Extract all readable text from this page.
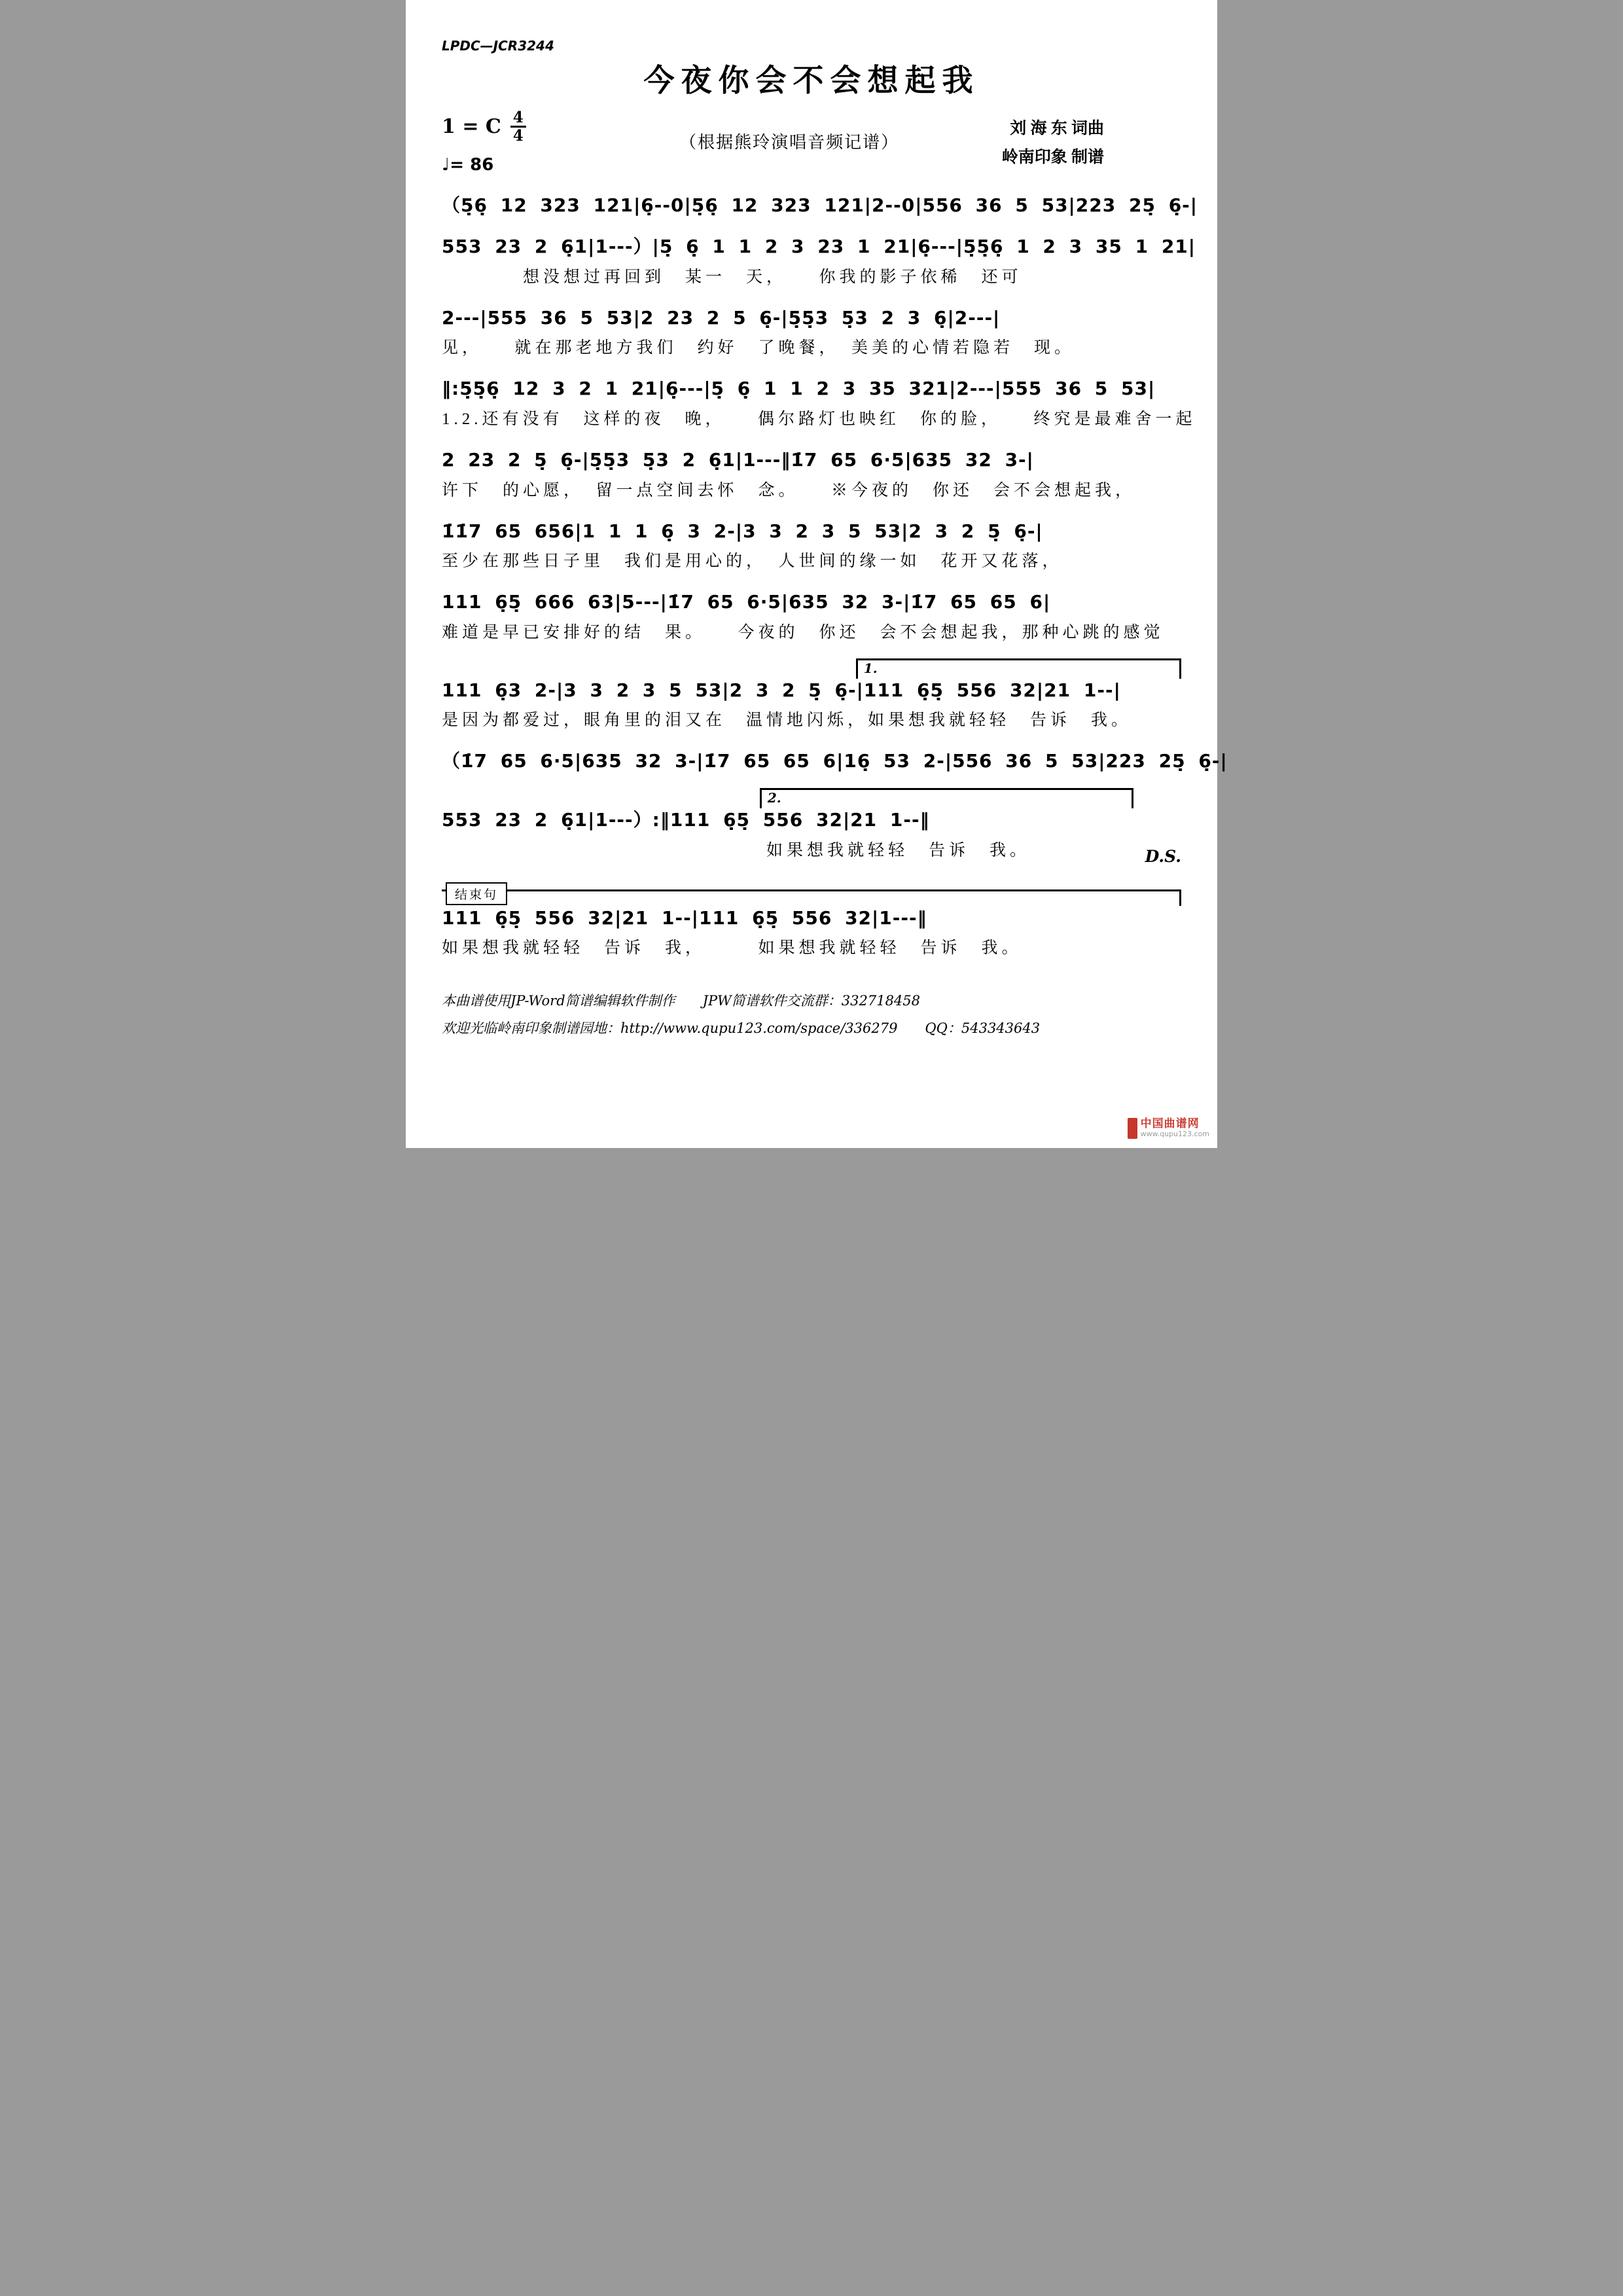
LPDC—JCR3244
今夜你会不会想起我
1 = C $\frac{4}{4}$
♩= 86
（根据熊玲演唱音频记谱）
刘 海 东 词曲
岭南印象 制谱
（5̣6̣ 12 323 121|6̣--0|5̣6̣ 12 323 121|2--0|556 36 5 53|223 25̣ 6̣-|
553 23 2 6̣1|1---）|5̣ 6̣ 1 1 2 3 23 1 21|6̣---|5̣5̣6̣ 1 2 3 35 1 21|
　　　　想没想过再回到　某一　天，　　你我的影子依稀　还可
2---|555 36 5 53|2 23 2 5 6̣-|5̣5̣3 5̣3 2 3 6̣|2---|
见，　　就在那老地方我们　约好　了晚餐，　美美的心情若隐若　现。
‖:5̣5̣6̣ 12 3 2 1 21|6̣---|5̣ 6̣ 1 1 2 3 35 321|2---|555 36 5 53|
1.2.还有没有　这样的夜　晚，　　偶尔路灯也映红　你的脸，　　终究是最难舍一起
2 23 2 5̣ 6̣-|5̣5̣3 5̣3 2 6̣1|1---‖1̇7 65 6·5|635 32 3-|
许下　的心愿，　留一点空间去怀　念。　　※今夜的　你还　会不会想起我，
1̇1̇7 65 656|1 1 1 6̣ 3 2-|3 3 2 3 5 53|2 3 2 5̣ 6̣-|
至少在那些日子里　我们是用心的，　人世间的缘一如　花开又花落，
111 6̣5̣ 666 63|5---|1̇7 65 6·5|635 32 3-|1̇7 65 65 6|
难道是早已安排好的结　果。　　今夜的　你还　会不会想起我，那种心跳的感觉
1.
111 6̣3 2-|3 3 2 3 5 53|2 3 2 5̣ 6̣-|111 6̣5̣ 556 32|21 1--|
是因为都爱过，眼角里的泪又在　温情地闪烁，如果想我就轻轻　告诉　我。
（1̇7 65 6·5|635 32 3-|1̇7 65 65 6|16̣ 53 2-|556 36 5 53|223 25̣ 6̣-|
2.
553 23 2 6̣1|1---）:‖111 6̣5̣ 556 32|21 1--‖
　　　　　　　　　　　　　　　　如果想我就轻轻　告诉　我。	D.S.
结束句
111 6̣5̣ 556 32|21 1--|111 6̣5̣ 556 32|1---‖
如果想我就轻轻　告诉　我，　　　如果想我就轻轻　告诉　我。
本曲谱使用JP-Word简谱编辑软件制作　　JPW简谱软件交流群：332718458
欢迎光临岭南印象制谱园地：http://www.qupu123.com/space/336279　　QQ：543343643
中国曲谱网
www.qupu123.com
